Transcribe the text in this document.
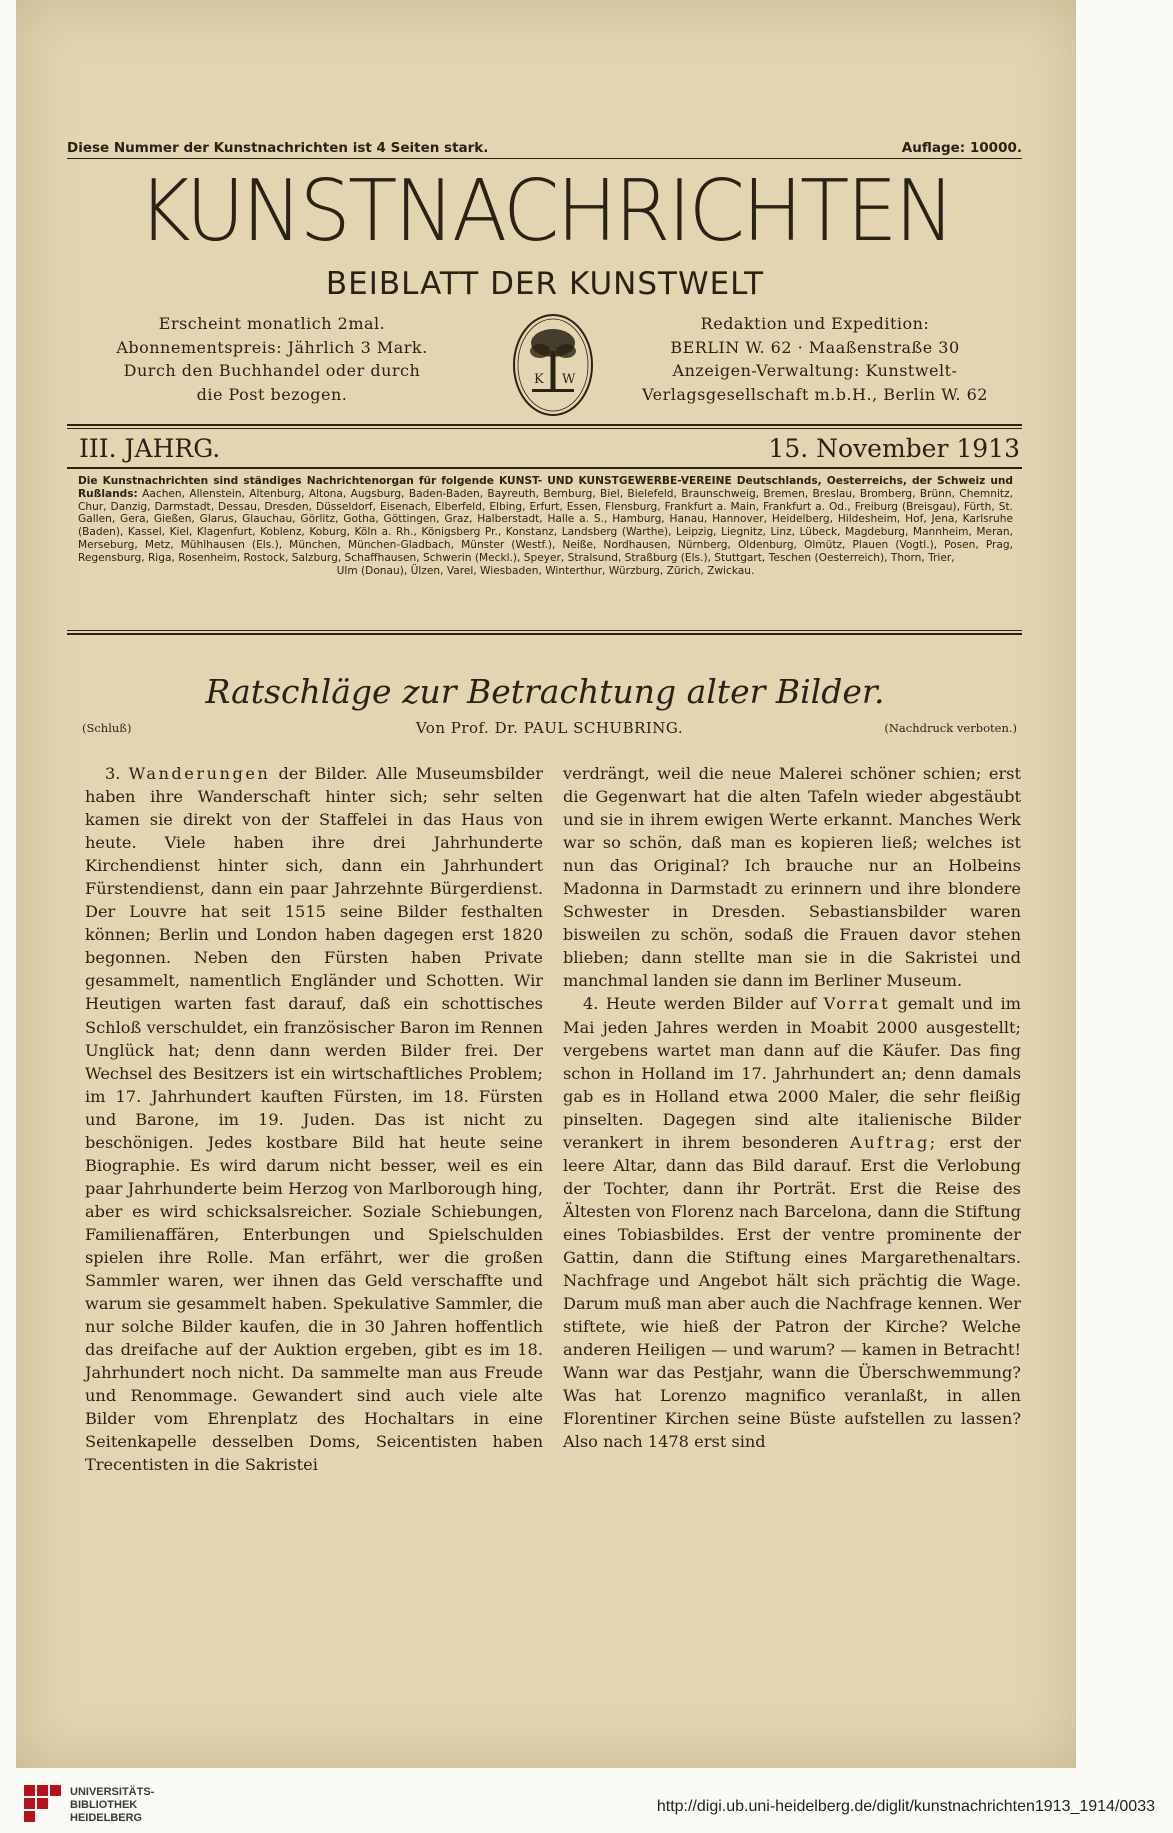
Diese Nummer der Kunstnachrichten ist 4 Seiten stark.	Auflage: 10000.
KUNSTNACHRICHTEN
BEIBLATT DER KUNSTWELT
Erscheint monatlich 2mal.
Abonnementspreis: Jährlich 3 Mark.
Durch den Buchhandel oder durch
die Post bezogen.
K W
Redaktion und Expedition:
BERLIN W. 62 · Maaßenstraße 30
Anzeigen-Verwaltung: Kunstwelt-
Verlagsgesellschaft m.b.H., Berlin W. 62
III. JAHRG.	15. November 1913
Die Kunstnachrichten sind ständiges Nachrichtenorgan für folgende KUNST- UND KUNSTGEWERBE-VEREINE Deutschlands, Oesterreichs, der Schweiz und Rußlands: Aachen, Allenstein, Altenburg, Altona, Augsburg, Baden-Baden, Bayreuth, Bernburg, Biel, Bielefeld, Braunschweig, Bremen, Breslau, Bromberg, Brünn, Chemnitz, Chur, Danzig, Darmstadt, Dessau, Dresden, Düsseldorf, Eisenach, Elberfeld, Elbing, Erfurt, Essen, Flensburg, Frankfurt a. Main, Frankfurt a. Od., Freiburg (Breisgau), Fürth, St. Gallen, Gera, Gießen, Glarus, Glauchau, Görlitz, Gotha, Göttingen, Graz, Halberstadt, Halle a. S., Hamburg, Hanau, Hannover, Heidelberg, Hildesheim, Hof, Jena, Karlsruhe (Baden), Kassel, Kiel, Klagenfurt, Koblenz, Koburg, Köln a. Rh., Königsberg Pr., Konstanz, Landsberg (Warthe), Leipzig, Liegnitz, Linz, Lübeck, Magdeburg, Mannheim, Meran, Merseburg, Metz, Mühlhausen (Els.), München, München-Gladbach, Münster (Westf.), Neiße, Nordhausen, Nürnberg, Oldenburg, Olmütz, Plauen (Vogtl.), Posen, Prag, Regensburg, Riga, Rosenheim, Rostock, Salzburg, Schaffhausen, Schwerin (Meckl.), Speyer, Stralsund, Straßburg (Els.), Stuttgart, Teschen (Oesterreich), Thorn, Trier,
Ulm (Donau), Ülzen, Varel, Wiesbaden, Winterthur, Würzburg, Zürich, Zwickau.
Ratschläge zur Betrachtung alter Bilder.
(Schluß)	Von Prof. Dr. PAUL SCHUBRING.	(Nachdruck verboten.)

3. Wanderungen der Bilder. Alle Museumsbilder haben ihre Wanderschaft hinter sich; sehr selten kamen sie direkt von der Staffelei in das Haus von heute. Viele haben ihre drei Jahrhunderte Kirchendienst hinter sich, dann ein Jahrhundert Fürstendienst, dann ein paar Jahrzehnte Bürgerdienst. Der Louvre hat seit 1515 seine Bilder festhalten können; Berlin und London haben dagegen erst 1820 begonnen. Neben den Fürsten haben Private gesammelt, namentlich Engländer und Schotten. Wir Heutigen warten fast darauf, daß ein schottisches Schloß verschuldet, ein französischer Baron im Rennen Unglück hat; denn dann werden Bilder frei. Der Wechsel des Besitzers ist ein wirtschaftliches Problem; im 17. Jahrhundert kauften Fürsten, im 18. Fürsten und Barone, im 19. Juden. Das ist nicht zu beschönigen. Jedes kostbare Bild hat heute seine Biographie. Es wird darum nicht besser, weil es ein paar Jahrhunderte beim Herzog von Marlborough hing, aber es wird schicksalsreicher. Soziale Schiebungen, Familienaffären, Enterbungen und Spielschulden spielen ihre Rolle. Man erfährt, wer die großen Sammler waren, wer ihnen das Geld verschaffte und warum sie gesammelt haben. Spekulative Sammler, die nur solche Bilder kaufen, die in 30 Jahren hoffentlich das dreifache auf der Auktion ergeben, gibt es im 18. Jahrhundert noch nicht. Da sammelte man aus Freude und Renommage. Gewandert sind auch viele alte Bilder vom Ehrenplatz des Hochaltars in eine Seitenkapelle desselben Doms, Seicentisten haben Trecentisten in die Sakristei

verdrängt, weil die neue Malerei schöner schien; erst die Gegenwart hat die alten Tafeln wieder abgestäubt und sie in ihrem ewigen Werte erkannt. Manches Werk war so schön, daß man es kopieren ließ; welches ist nun das Original? Ich brauche nur an Holbeins Madonna in Darmstadt zu erinnern und ihre blondere Schwester in Dresden. Sebastiansbilder waren bisweilen zu schön, sodaß die Frauen davor stehen blieben; dann stellte man sie in die Sakristei und manchmal landen sie dann im Berliner Museum.

4. Heute werden Bilder auf Vorrat gemalt und im Mai jeden Jahres werden in Moabit 2000 ausgestellt; vergebens wartet man dann auf die Käufer. Das fing schon in Holland im 17. Jahrhundert an; denn damals gab es in Holland etwa 2000 Maler, die sehr fleißig pinselten. Dagegen sind alte italienische Bilder verankert in ihrem besonderen Auftrag; erst der leere Altar, dann das Bild darauf. Erst die Verlobung der Tochter, dann ihr Porträt. Erst die Reise des Ältesten von Florenz nach Barcelona, dann die Stiftung eines Tobiasbildes. Erst der ventre prominente der Gattin, dann die Stiftung eines Margarethenaltars. Nachfrage und Angebot hält sich prächtig die Wage. Darum muß man aber auch die Nachfrage kennen. Wer stiftete, wie hieß der Patron der Kirche? Welche anderen Heiligen — und warum? — kamen in Betracht! Wann war das Pestjahr, wann die Überschwemmung? Was hat Lorenzo magnifico veranlaßt, in allen Florentiner Kirchen seine Büste aufstellen zu lassen? Also nach 1478 erst sind

UNIVERSITÄTS-
BIBLIOTHEK
HEIDELBERG
http://digi.ub.uni-heidelberg.de/diglit/kunstnachrichten1913_1914/0033
